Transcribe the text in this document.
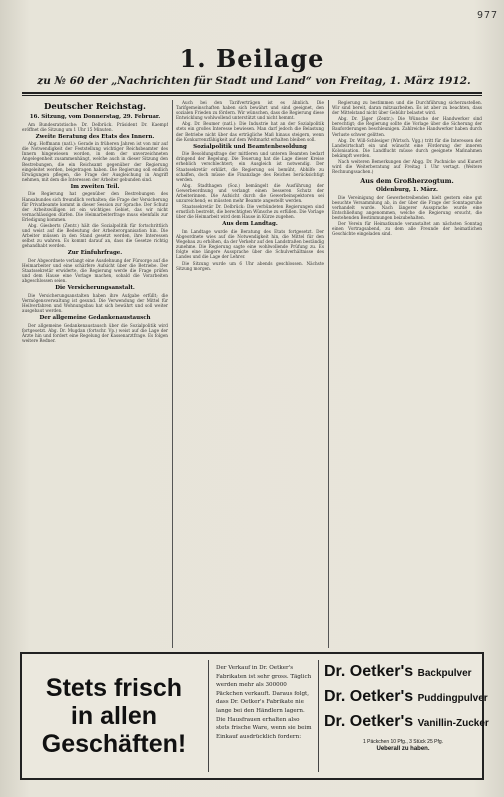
977
1. Beilage
zu № 60 der „Nachrichten für Stadt und Land“ von Freitag, 1. März 1912.
Deutscher Reichstag.
16. Sitzung, vom Donnerstag, 29. Februar.

Am Bundesratstische: Dr. Delbrück. Präsident Dr. Kaempf eröffnet die Sitzung um 1 Uhr 15 Minuten.

Zweite Beratung des Etats des Innern.

Abg. Hoffmann (natl.): Gerade in früheren Jahren ist von mir auf die Notwendigkeit der Feststellung wichtiger Reichsbeamter des Innern hingewiesen worden, in dem der unverzeichneten Angelegenheit zusammenhängt, welche auch in dieser Sitzung den Bestrebungen, die ein Reichsamt gegenüber der Regierung eingeleitet werden, beigetragen haben. Die Regierung soll endlich Erwägungen pflegen, die Frage der Ausgleichung in Angriff nehmen, mit dem die Interessen der Arbeiter gebunden sind.

Im zweiten Teil.

Die Regierung hat gegenüber den Bestrebungen des Hansabundes sich freundlich verhalten; die Frage der Versicherung für Privatbeamte kommt in dieser Session zur Sprache. Der Schutz der Arbeitswilligen ist ein wichtiges Gebiet, das wir nicht vernachlässigen dürfen. Die Heimarbeiterfrage muss ebenfalls zur Erledigung kommen.

Abg. Giesberts (Zentr.) hält die Sozialpolitik für fortschrittlich und weist auf die Bedeutung der Arbeiterorganisation hin. Die Arbeiter müssen in den Stand gesetzt werden, ihre Interessen selbst zu wahren. Es kommt darauf an, dass die Gesetze richtig gehandhabt werden.

Zur Einfuhrfrage.

Der Abgeordnete verlangt eine Ausdehnung der Fürsorge auf die Heimarbeiter und eine schärfere Aufsicht über die Betriebe. Der Staatssekretär erwiderte, die Regierung werde die Frage prüfen und dem Hause eine Vorlage machen, sobald die Vorarbeiten abgeschlossen seien.

Die Versicherungsanstalt.

Die Versicherungsanstalten haben ihre Aufgabe erfüllt; die Vermögensverwaltung ist gesund. Die Verwendung der Mittel für Heilverfahren und Wohnungsbau hat sich bewährt und soll weiter ausgebaut werden.

Der allgemeine Gedankenaustausch

Der allgemeine Gedankenaustausch über die Sozialpolitik wird fortgesetzt. Abg. Dr. Mugdan (fortschr. Vp.) weist auf die Lage der Ärzte hin und fordert eine Regelung der Kassenarztfrage. Es folgen weitere Redner.

Auch bei den Tarifverträgen ist es ähnlich. Die Tarifgemeinschaften haben sich bewährt und sind geeignet, den sozialen Frieden zu fördern. Wir wünschen, dass die Regierung diese Entwicklung wohlwollend unterstützt und nicht hemmt.

Abg. Dr. Beumer (natl.): Die Industrie hat an der Sozialpolitik stets ein großes Interesse bewiesen. Man darf jedoch die Belastung der Betriebe nicht über das erträgliche Maß hinaus steigern, wenn die Konkurrenzfähigkeit auf dem Weltmarkt erhalten bleiben soll.

Sozialpolitik und Beamtenbesoldung

Die Besoldungsfrage der mittleren und unteren Beamten bedarf dringend der Regelung. Die Teuerung hat die Lage dieser Kreise erheblich verschlechtert; ein Ausgleich ist notwendig. Der Staatssekretär erklärt, die Regierung sei bemüht, Abhilfe zu schaffen, doch müsse die Finanzlage des Reiches berücksichtigt werden.

Abg. Stadthagen (Soz.) bemängelt die Ausführung der Gewerbeordnung und verlangt einen besseren Schutz der Arbeiterinnen. Die Aufsicht durch die Gewerbeinspektoren sei unzureichend; es müssten mehr Beamte angestellt werden.

Staatssekretär Dr. Delbrück: Die verbündeten Regierungen sind ernstlich bestrebt, die berechtigten Wünsche zu erfüllen. Die Vorlage über die Heimarbeit wird dem Hause in Kürze zugehen.

Aus dem Landtag.

Im Landtage wurde die Beratung des Etats fortgesetzt. Der Abgeordnete wies auf die Notwendigkeit hin, die Mittel für den Wegebau zu erhöhen, da der Verkehr auf den Landstraßen beständig zunehme. Die Regierung sagte eine wohlwollende Prüfung zu. Es folgte eine längere Aussprache über die Schulverhältnisse des Landes und die Lage der Lehrer.

Die Sitzung wurde um 6 Uhr abends geschlossen. Nächste Sitzung morgen.

Regierung zu bestimmen und die Durchführung sicherzustellen. Wir sind bereit, daran mitzuarbeiten. Es ist aber zu beachten, dass der Mittelstand nicht über Gebühr belastet wird.

Abg. Dr. Jäger (Zentr.): Die Wünsche der Handwerker sind berechtigt; die Regierung sollte die Vorlage über die Sicherung der Bauforderungen beschleunigen. Zahlreiche Handwerker haben durch Verluste schwer gelitten.

Abg. Dr. Will-Schlesiger (Wirtsch. Vgg.) tritt für die Interessen der Landwirtschaft ein und wünscht eine Förderung der inneren Kolonisation. Die Landflucht müsse durch geeignete Maßnahmen bekämpft werden.

Nach weiteren Bemerkungen der Abgg. Dr. Pachnicke und Kunert wird die Weiterberatung auf Freitag 1 Uhr vertagt. (Weitere Rechnungssachen.)

Aus dem Großherzogtum.
Oldenburg, 1. März.

Die Vereinigung der Gewerbetreibenden hielt gestern eine gut besuchte Versammlung ab, in der über die Frage der Sonntagsruhe verhandelt wurde. Nach längerer Aussprache wurde eine Entschließung angenommen, welche die Regierung ersucht, die bestehenden Bestimmungen beizubehalten.

Der Verein für Heimatkunde veranstaltet am nächsten Sonntag einen Vortragsabend, zu dem alle Freunde der heimatlichen Geschichte eingeladen sind.

Stets frisch
in allen
Geschäften!
Der Verkauf in Dr. Oetker's Fabrikaten ist sehr gross. Täglich werden mehr als 300000 Päckchen verkauft. Daraus folgt, dass Dr. Oetker's Fabrikate nie lange bei den Händlern lagern. Die Hausfrauen erhalten also stets frische Ware, wenn sie beim Einkauf ausdrücklich fordern:
Dr. Oetker's Backpulver
Dr. Oetker's Puddingpulver
Dr. Oetker's Vanillin-Zucker
1 Päckchen 10 Pfg., 3 Stück 25 Pfg.
Ueberall zu haben.
